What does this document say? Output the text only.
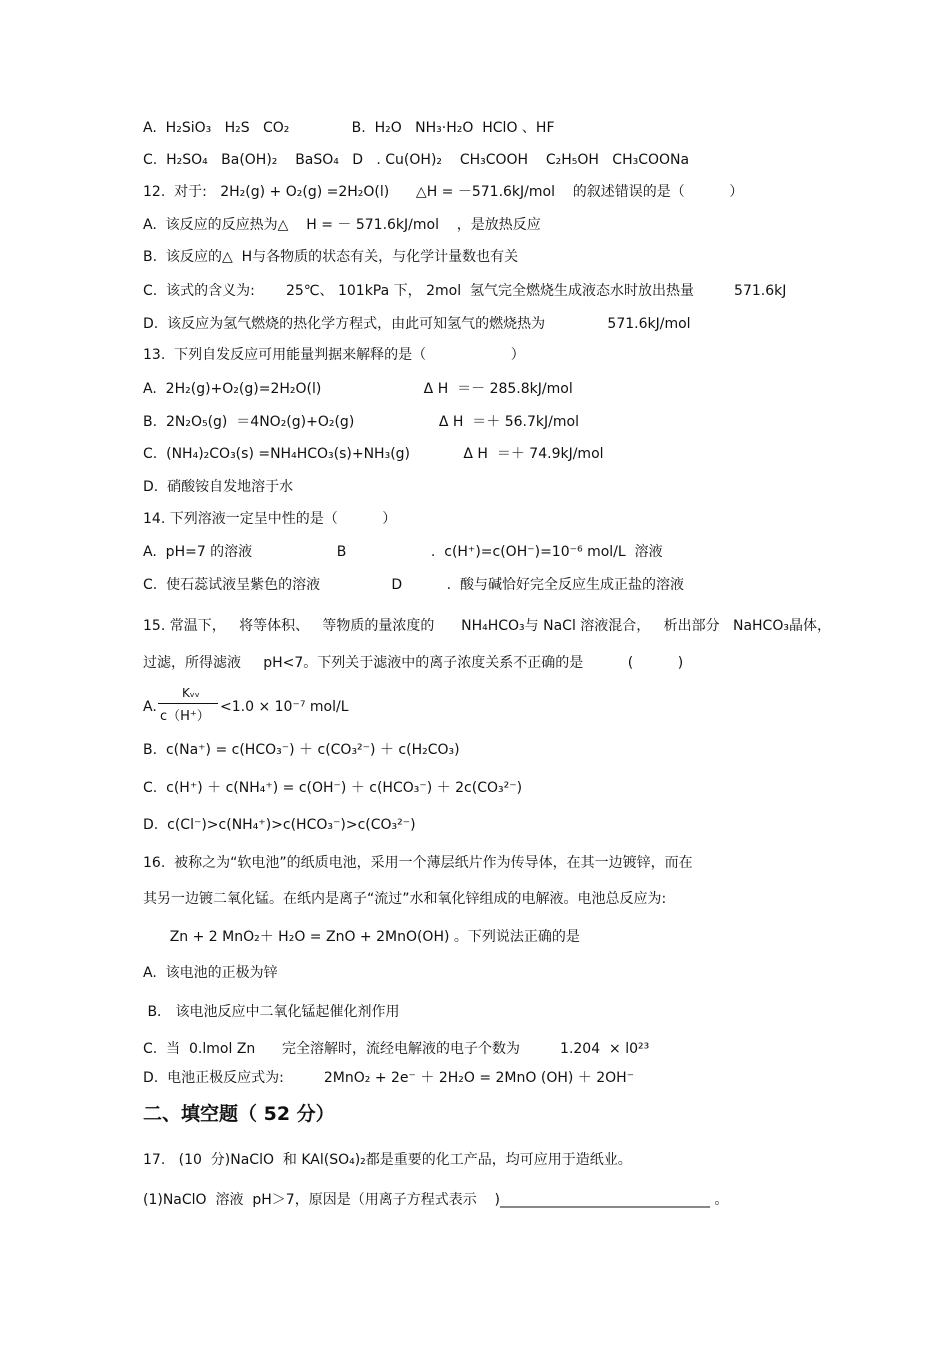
A.  H₂SiO₃   H₂S   CO₂              B.  H₂O   NH₃·H₂O  HClO 、HF
C.  H₂SO₄   Ba(OH)₂    BaSO₄   D   . Cu(OH)₂    CH₃COOH    C₂H₅OH   CH₃COONa
12.  对于:   2H₂(g) + O₂(g) =2H₂O(l)      △H = －571.6kJ/mol    的叙述错误的是（          ）
A.  该反应的反应热为△    H = － 571.6kJ/mol    ，是放热反应
B.  该反应的△  H与各物质的状态有关，与化学计量数也有关
C.  该式的含义为:       25℃、 101kPa 下， 2mol  氢气完全燃烧生成液态水时放出热量         571.6kJ
D.  该反应为氢气燃烧的热化学方程式，由此可知氢气的燃烧热为              571.6kJ/mol
13.  下列自发反应可用能量判据来解释的是（                   ）
A.  2H₂(g)+O₂(g)=2H₂O(l)                       Δ H  ＝－ 285.8kJ/mol
B.  2N₂O₅(g)  ＝4NO₂(g)+O₂(g)                   Δ H  ＝＋ 56.7kJ/mol
C.  (NH₄)₂CO₃(s) =NH₄HCO₃(s)+NH₃(g)            Δ H  ＝＋ 74.9kJ/mol
D.  硝酸铵自发地溶于水
14. 下列溶液一定呈中性的是（          ）
A.  pH=7 的溶液                   B                   .  c(H⁺)=c(OH⁻)=10⁻⁶ mol/L  溶液
C.  使石蕊试液呈紫色的溶液                D          .  酸与碱恰好完全反应生成正盐的溶液
15. 常温下，   将等体积、   等物质的量浓度的      NH₄HCO₃与 NaCl 溶液混合，   析出部分   NaHCO₃晶体，
过滤，所得滤液     pH<7。下列关于滤液中的离子浓度关系不正确的是          (          )
A.
Kᵥᵥ
c（H⁺）
<1.0 × 10⁻⁷ mol/L
B.  c(Na⁺) = c(HCO₃⁻) ＋ c(CO₃²⁻) ＋ c(H₂CO₃)
C.  c(H⁺) ＋ c(NH₄⁺) = c(OH⁻) ＋ c(HCO₃⁻) ＋ 2c(CO₃²⁻)
D.  c(Cl⁻)>c(NH₄⁺)>c(HCO₃⁻)>c(CO₃²⁻)
16.  被称之为“软电池”的纸质电池，采用一个薄层纸片作为传导体，在其一边镀锌，而在
其另一边镀二氧化锰。在纸内是离子“流过”水和氧化锌组成的电解液。电池总反应为:
Zn + 2 MnO₂＋ H₂O = ZnO + 2MnO(OH) 。下列说法正确的是
A.  该电池的正极为锌
B． 该电池反应中二氧化锰起催化剂作用
C.  当  0.lmol Zn      完全溶解时，流经电解液的电子个数为         1.204  × l0²³
D.  电池正极反应式为:         2MnO₂ + 2e⁻ ＋ 2H₂O = 2MnO (OH) ＋ 2OH⁻
二、填空题（ 52 分）
17.   (10  分)NaClO  和 KAl(SO₄)₂都是重要的化工产品，均可应用于造纸业。
(1)NaClO  溶液  pH＞7，原因是（用离子方程式表示    )______________________________ 。
